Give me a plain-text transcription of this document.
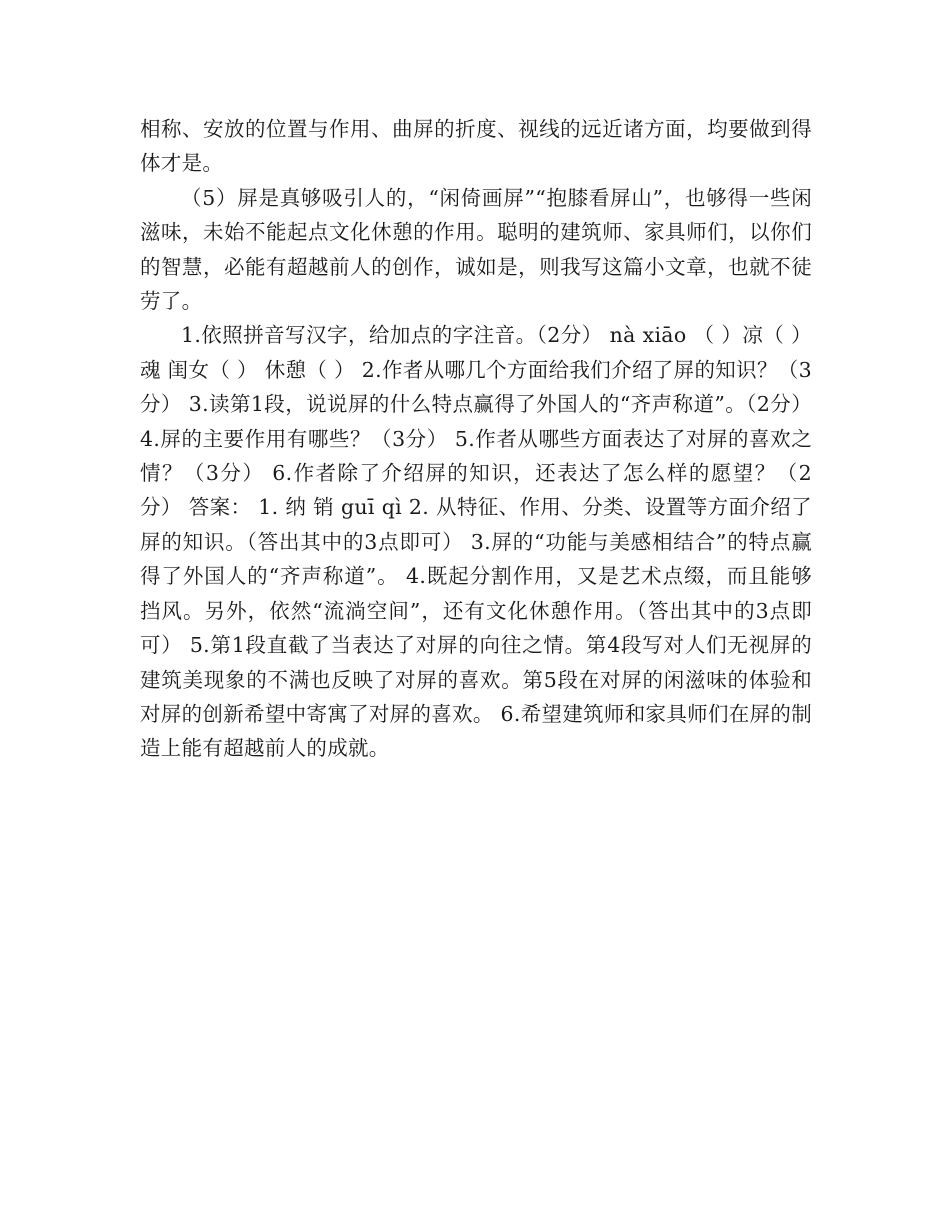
相称、安放的位置与作用、曲屏的折度、视线的远近诸方面，均要做到得体才是。

（5）屏是真够吸引人的，“闲倚画屏”“抱膝看屏山”，也够得一些闲滋味，未始不能起点文化休憩的作用。聪明的建筑师、家具师们，以你们的智慧，必能有超越前人的创作，诚如是，则我写这篇小文章，也就不徒劳了。

1.依照拼音写汉字，给加点的字注音。（2分） nà xiāo （ ）凉（ ）魂 闺女（ ） 休憩（ ） 2.作者从哪几个方面给我们介绍了屏的知识？（3分） 3.读第1段，说说屏的什么特点赢得了外国人的“齐声称道”。（2分） 4.屏的主要作用有哪些？（3分） 5.作者从哪些方面表达了对屏的喜欢之情？（3分） 6.作者除了介绍屏的知识，还表达了怎么样的愿望？（2分） 答案： 1. 纳 销 guī qì 2. 从特征、作用、分类、设置等方面介绍了屏的知识。（答出其中的3点即可） 3.屏的“功能与美感相结合”的特点赢得了外国人的“齐声称道”。 4.既起分割作用，又是艺术点缀，而且能够挡风。另外，依然“流淌空间”，还有文化休憩作用。（答出其中的3点即可） 5.第1段直截了当表达了对屏的向往之情。第4段写对人们无视屏的建筑美现象的不满也反映了对屏的喜欢。第5段在对屏的闲滋味的体验和对屏的创新希望中寄寓了对屏的喜欢。 6.希望建筑师和家具师们在屏的制造上能有超越前人的成就。
